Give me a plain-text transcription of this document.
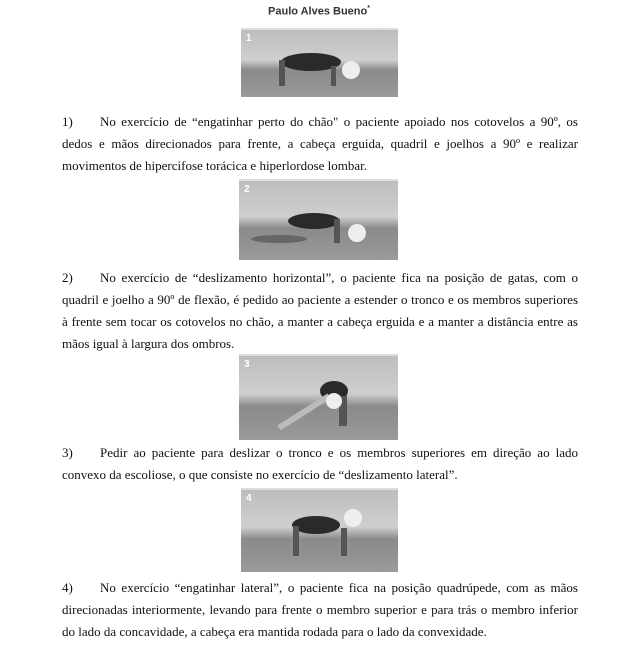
Paulo Alves Bueno*
1
1) No exercício de “engatinhar perto do chão" o paciente apoiado nos cotovelos a 90º, os dedos e mãos direcionados para frente, a cabeça erguida, quadril e joelhos a 90º e realizar movimentos de hipercifose torácica e hiperlordose lombar.
2
2) No exercício de “deslizamento horizontal”, o paciente fica na posição de gatas, com o quadril e joelho a 90º de flexão, é pedido ao paciente a estender o tronco e os membros superiores à frente sem tocar os cotovelos no chão, a manter a cabeça erguida e a manter a distância entre as mãos igual à largura dos ombros.
3
3) Pedir ao paciente para deslizar o tronco e os membros superiores em direção ao lado convexo da escoliose, o que consiste no exercício de “deslizamento lateral”.
4
4) No exercício “engatinhar lateral”, o paciente fica na posição quadrúpede, com as mãos direcionadas interiormente, levando para frente o membro superior e para trás o membro inferior do lado da concavidade, a cabeça era mantida rodada para o lado da convexidade.
